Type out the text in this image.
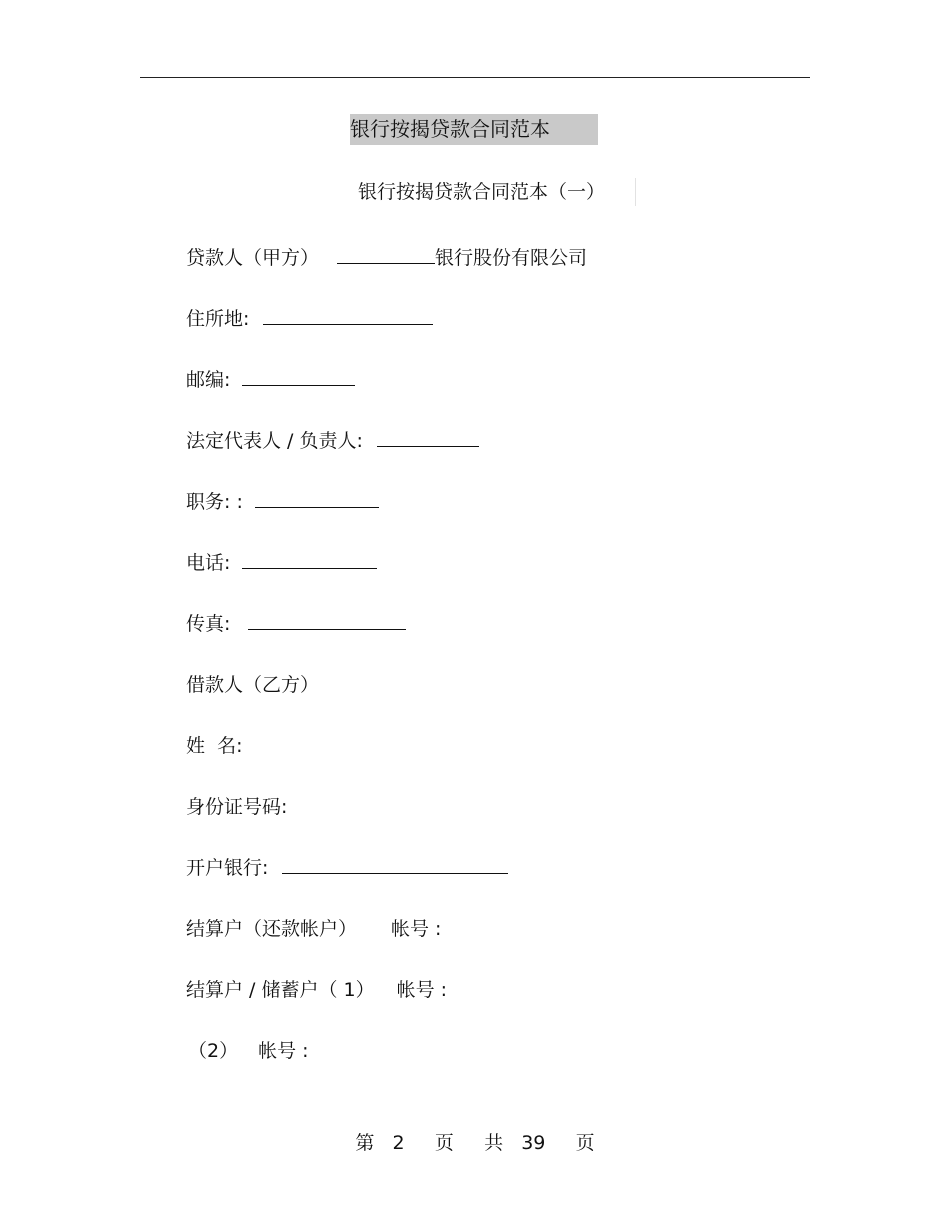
银行按揭贷款合同范本
银行按揭贷款合同范本（一）
贷款人（甲方）	银行股份有限公司
住所地:
邮编:
法定代表人 / 负责人:
职务: :
电话:
传真:
借款人（乙方）
姓  名:
身份证号码:
开户银行:
结算户（还款帐户） 帐号 :
结算户 / 储蓄户（ 1） 帐号 :
（2） 帐号 :
第 2 页 共 39 页
